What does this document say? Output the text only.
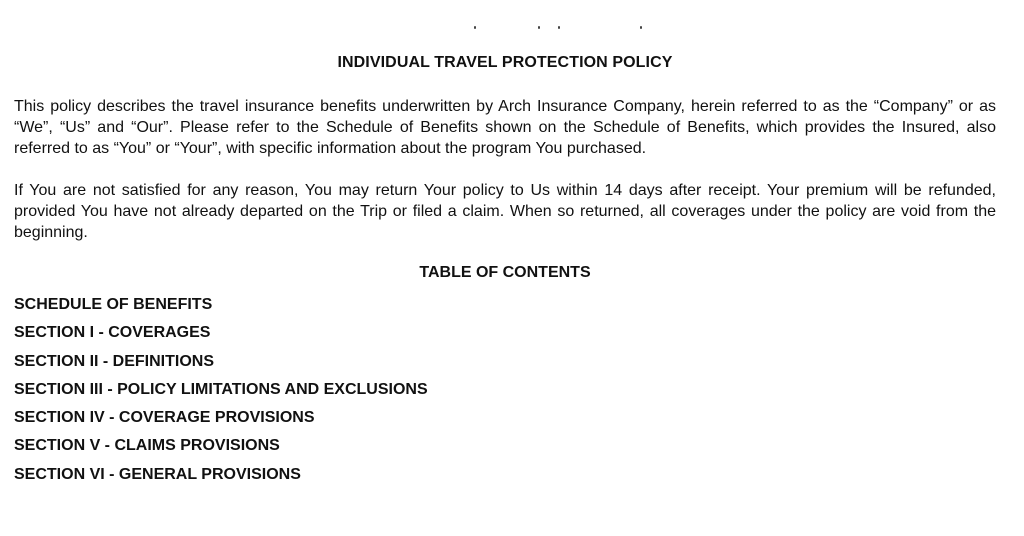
INDIVIDUAL TRAVEL PROTECTION POLICY

This policy describes the travel insurance benefits underwritten by Arch Insurance Company, herein referred to as the “Company” or as “We”, “Us” and “Our”. Please refer to the Schedule of Benefits shown on the Schedule of Benefits, which provides the Insured, also referred to as “You” or “Your”, with specific information about the program You purchased.

If You are not satisfied for any reason, You may return Your policy to Us within 14 days after receipt. Your premium will be refunded, provided You have not already departed on the Trip or filed a claim. When so returned, all coverages under the policy are void from the beginning.

TABLE OF CONTENTS
SCHEDULE OF BENEFITS
SECTION I - COVERAGES
SECTION II - DEFINITIONS
SECTION III - POLICY LIMITATIONS AND EXCLUSIONS
SECTION IV - COVERAGE PROVISIONS
SECTION V - CLAIMS PROVISIONS
SECTION VI - GENERAL PROVISIONS
